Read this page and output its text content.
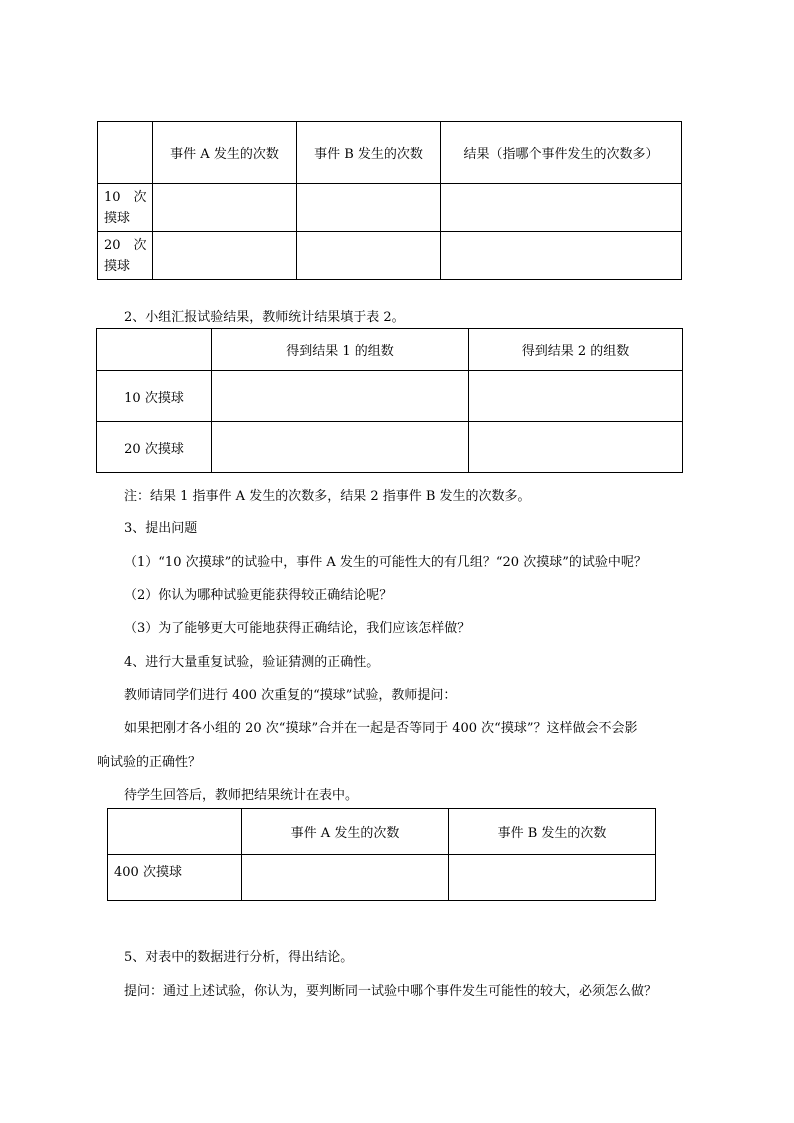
	事件 A 发生的次数	事件 B 发生的次数	结果（指哪个事件发生的次数多）

10　次
摸球			

20　次
摸球			

2、小组汇报试验结果，教师统计结果填于表 2。
	得到结果 1 的组数	得到结果 2 的组数
10 次摸球		
20 次摸球		
注：结果 1 指事件 A 发生的次数多，结果 2 指事件 B 发生的次数多。
3、提出问题
（1）“10 次摸球”的试验中，事件 A 发生的可能性大的有几组？“20 次摸球”的试验中呢？
（2）你认为哪种试验更能获得较正确结论呢？
（3）为了能够更大可能地获得正确结论，我们应该怎样做？
4、进行大量重复试验，验证猜测的正确性。
教师请同学们进行 400 次重复的“摸球”试验，教师提问：
如果把刚才各小组的 20 次“摸球”合并在一起是否等同于 400 次“摸球”？这样做会不会影
响试验的正确性？
待学生回答后，教师把结果统计在表中。
	事件 A 发生的次数	事件 B 发生的次数
400 次摸球		
5、对表中的数据进行分析，得出结论。
提问：通过上述试验，你认为，要判断同一试验中哪个事件发生可能性的较大，必须怎么做？
